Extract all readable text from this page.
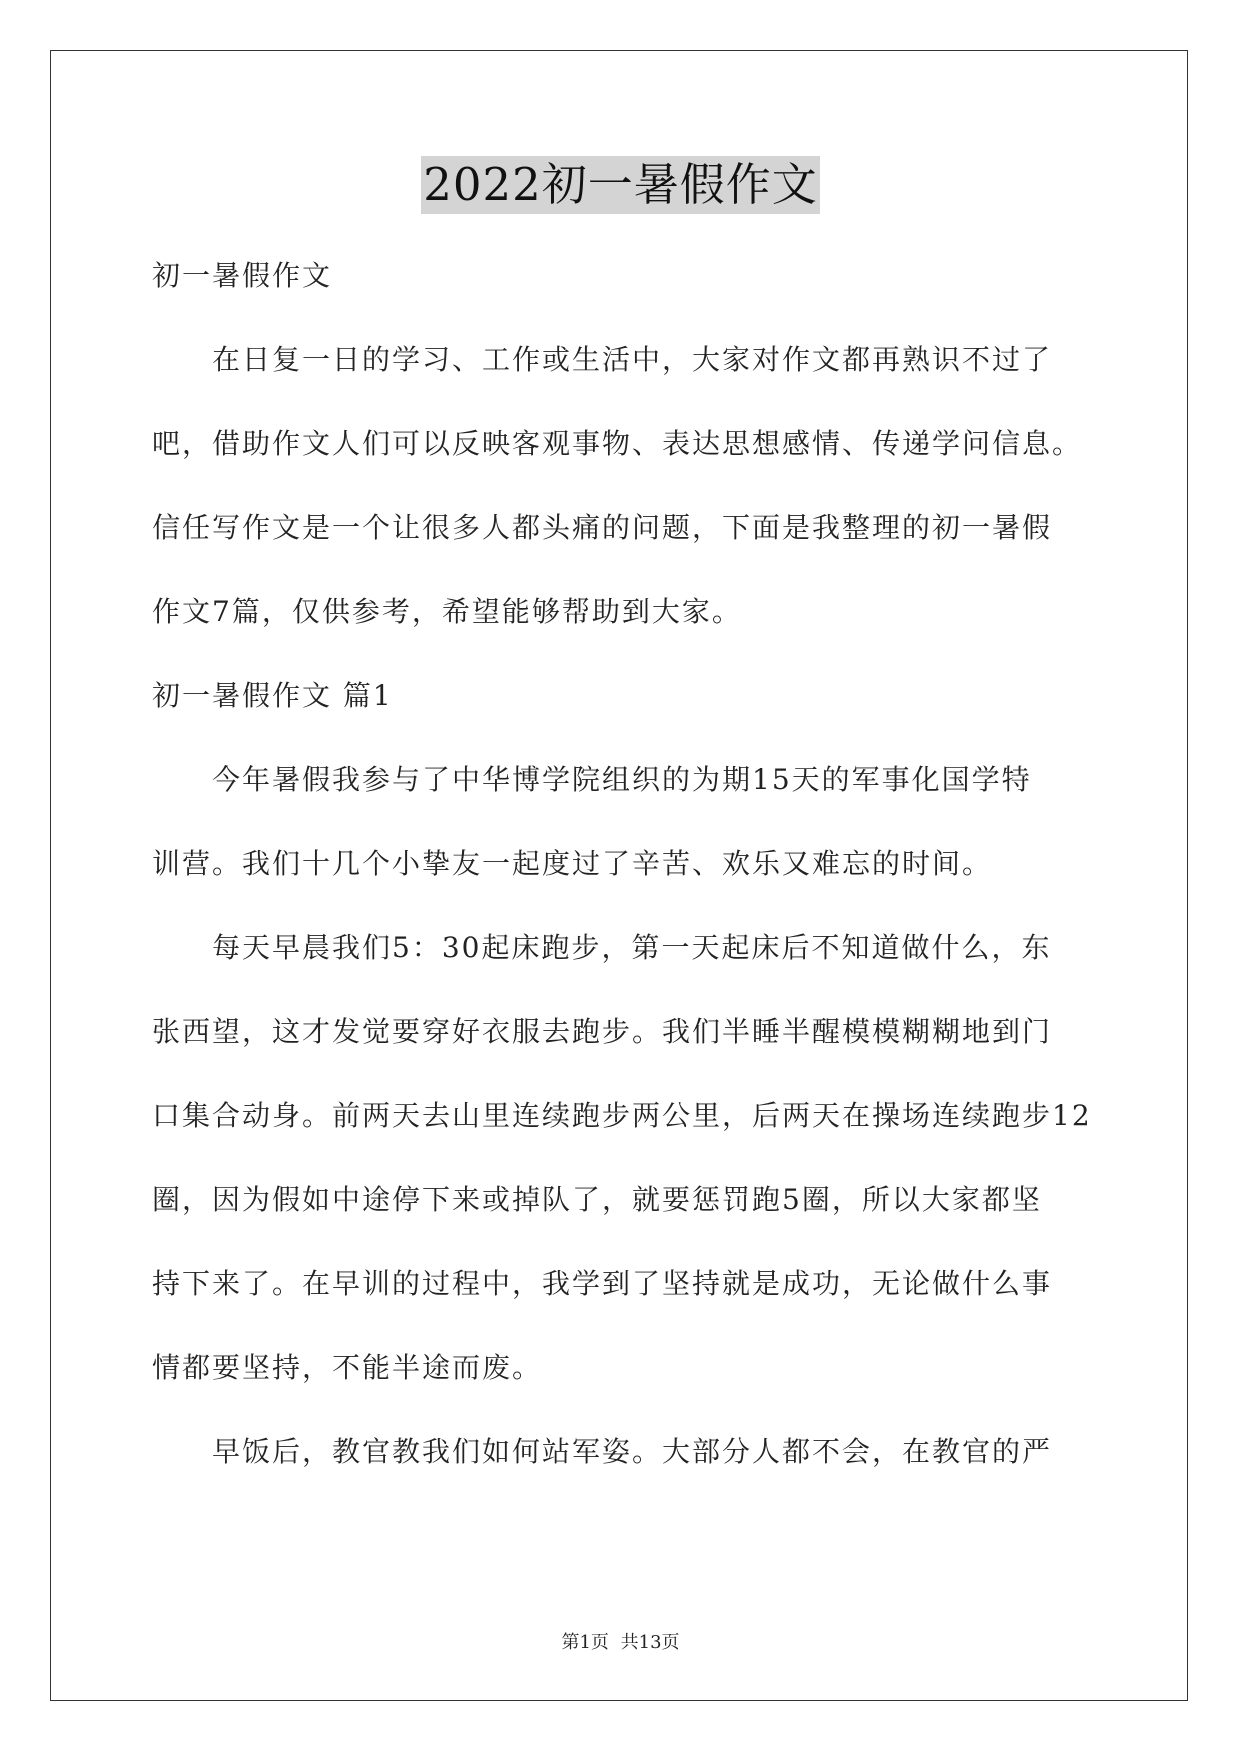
2022初一暑假作文
初一暑假作文
在日复一日的学习、工作或生活中，大家对作文都再熟识不过了
吧，借助作文人们可以反映客观事物、表达思想感情、传递学问信息。
信任写作文是一个让很多人都头痛的问题，下面是我整理的初一暑假
作文7篇，仅供参考，希望能够帮助到大家。
初一暑假作文 篇1
今年暑假我参与了中华博学院组织的为期15天的军事化国学特
训营。我们十几个小挚友一起度过了辛苦、欢乐又难忘的时间。
每天早晨我们5：30起床跑步，第一天起床后不知道做什么，东
张西望，这才发觉要穿好衣服去跑步。我们半睡半醒模模糊糊地到门
口集合动身。前两天去山里连续跑步两公里，后两天在操场连续跑步12
圈，因为假如中途停下来或掉队了，就要惩罚跑5圈，所以大家都坚
持下来了。在早训的过程中，我学到了坚持就是成功，无论做什么事
情都要坚持，不能半途而废。
早饭后，教官教我们如何站军姿。大部分人都不会，在教官的严
第1页 共13页
